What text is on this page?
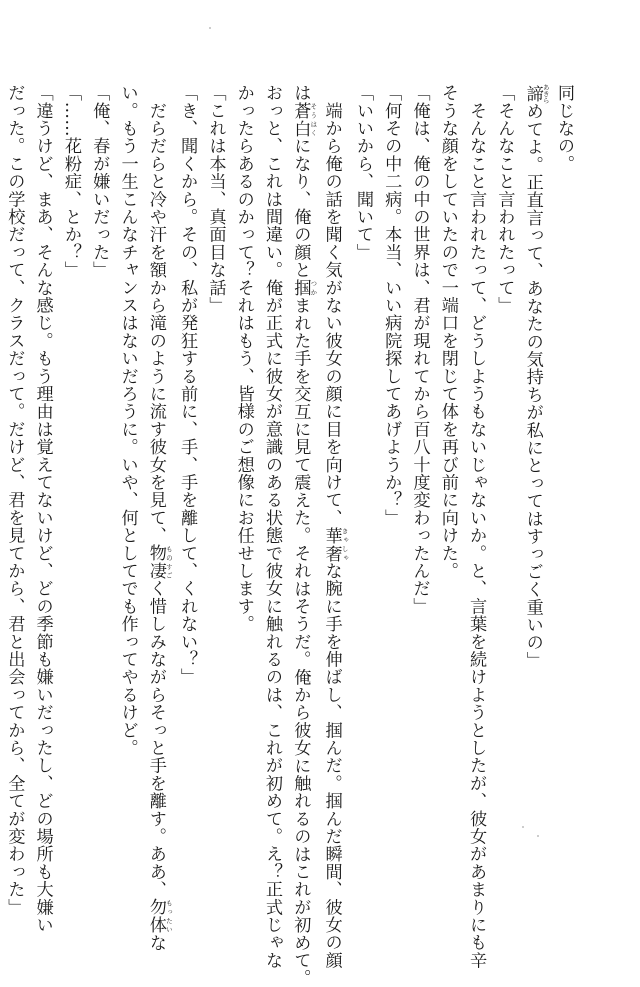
同じなの。
諦 あきらめてよ。正直言って、あなたの気持ちが私にとってはすっごく重いの」
「そんなこと言われたって」
　そんなこと言われたって、どうしようもないじゃないか。と、言葉を続けようとしたが、彼女があまりにも辛
そうな顔をしていたので一端口を閉じて体を再び前に向けた。
「俺は、俺の中の世界は、君が現れてから百八十度変わったんだ」
「何その中二病。本当、いい病院探してあげようか？」
「いいから、聞いて」
　端から俺の話を聞く気がない彼女の顔に目を向けて、華奢 きゃしゃな腕に手を伸ばし、掴んだ。掴んだ瞬間、彼女の顔
は蒼白 そうはくになり、俺の顔と掴 つかまれた手を交互に見て震えた。それはそうだ。俺から彼女に触れるのはこれが初めて。
おっと、これは間違い。俺が正式に彼女が意識のある状態で彼女に触れるのは、これが初めて。え？正式じゃな
かったらあるのかって？それはもう、皆様のご想像にお任せします。
「これは本当、真面目な話」
「き、聞くから。その、私が発狂する前に、手、手を離して、くれない？」
　だらだらと冷や汗を額から滝のように流す彼女を見て、物凄 ものすごく惜しみながらそっと手を離す。ああ、勿体 もったいな
い。もう一生こんなチャンスはないだろうに。いや、何としてでも作ってやるけど。
「俺、春が嫌いだった」
「……花粉症、とか？」
「違うけど、まあ、そんな感じ。もう理由は覚えてないけど、どの季節も嫌いだったし、どの場所も大嫌い
だった。この学校だって、クラスだって。だけど、君を見てから、君と出会ってから、全てが変わった」
